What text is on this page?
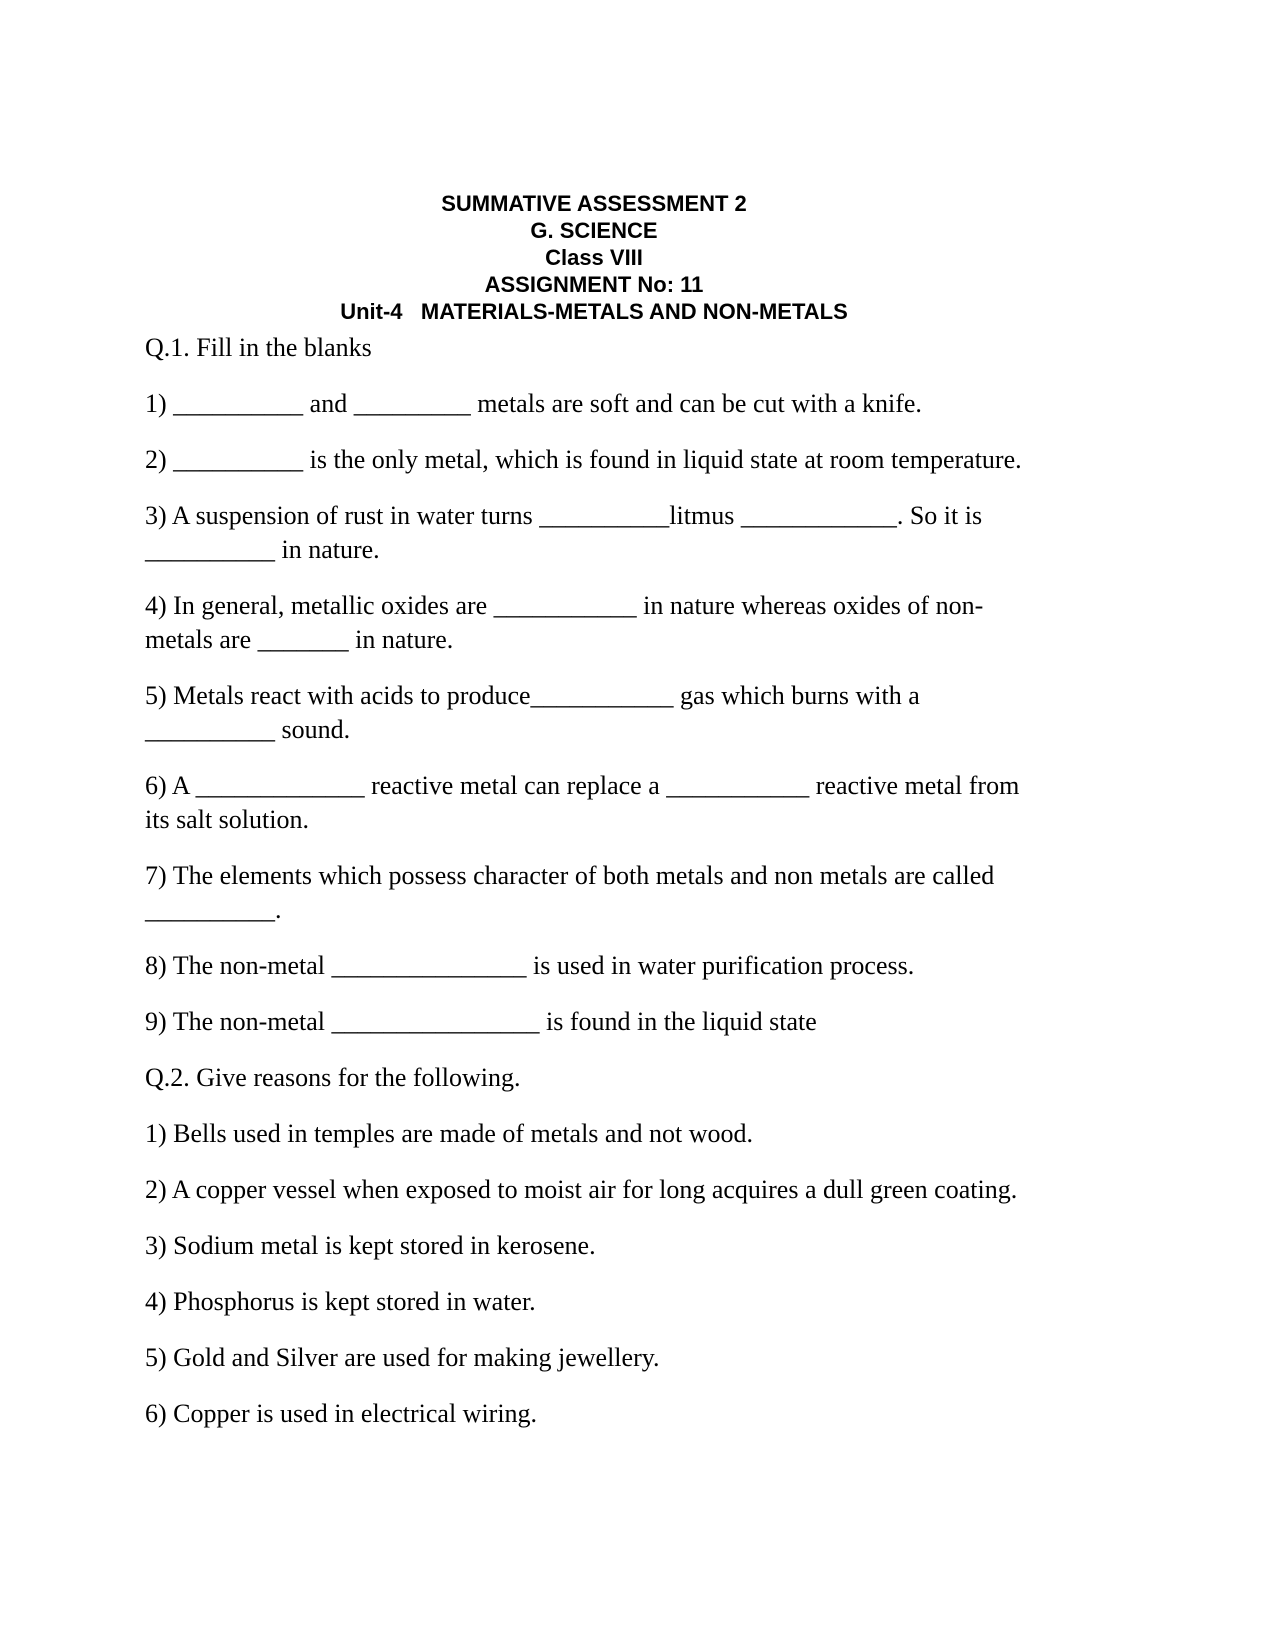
SUMMATIVE ASSESSMENT 2
G. SCIENCE
Class VIII
ASSIGNMENT No: 11
Unit-4   MATERIALS-METALS AND NON-METALS

Q.1. Fill in the blanks

1) __________ and _________ metals are soft and can be cut with a knife.

2) __________ is the only metal, which is found in liquid state at room temperature.

3) A suspension of rust in water turns __________litmus ____________. So it is __________ in nature.

4) In general, metallic oxides are ___________ in nature whereas oxides of non-metals are _______ in nature.

5) Metals react with acids to produce___________ gas which burns with a __________ sound.

6) A _____________ reactive metal can replace a ___________ reactive metal from its salt solution.

7) The elements which possess character of both metals and non metals are called __________.

8) The non-metal _______________ is used in water purification process.

9) The non-metal ________________ is found in the liquid state

Q.2. Give reasons for the following.

1) Bells used in temples are made of metals and not wood.

2) A copper vessel when exposed to moist air for long acquires a dull green coating.

3) Sodium metal is kept stored in kerosene.

4) Phosphorus is kept stored in water.

5) Gold and Silver are used for making jewellery.

6) Copper is used in electrical wiring.
